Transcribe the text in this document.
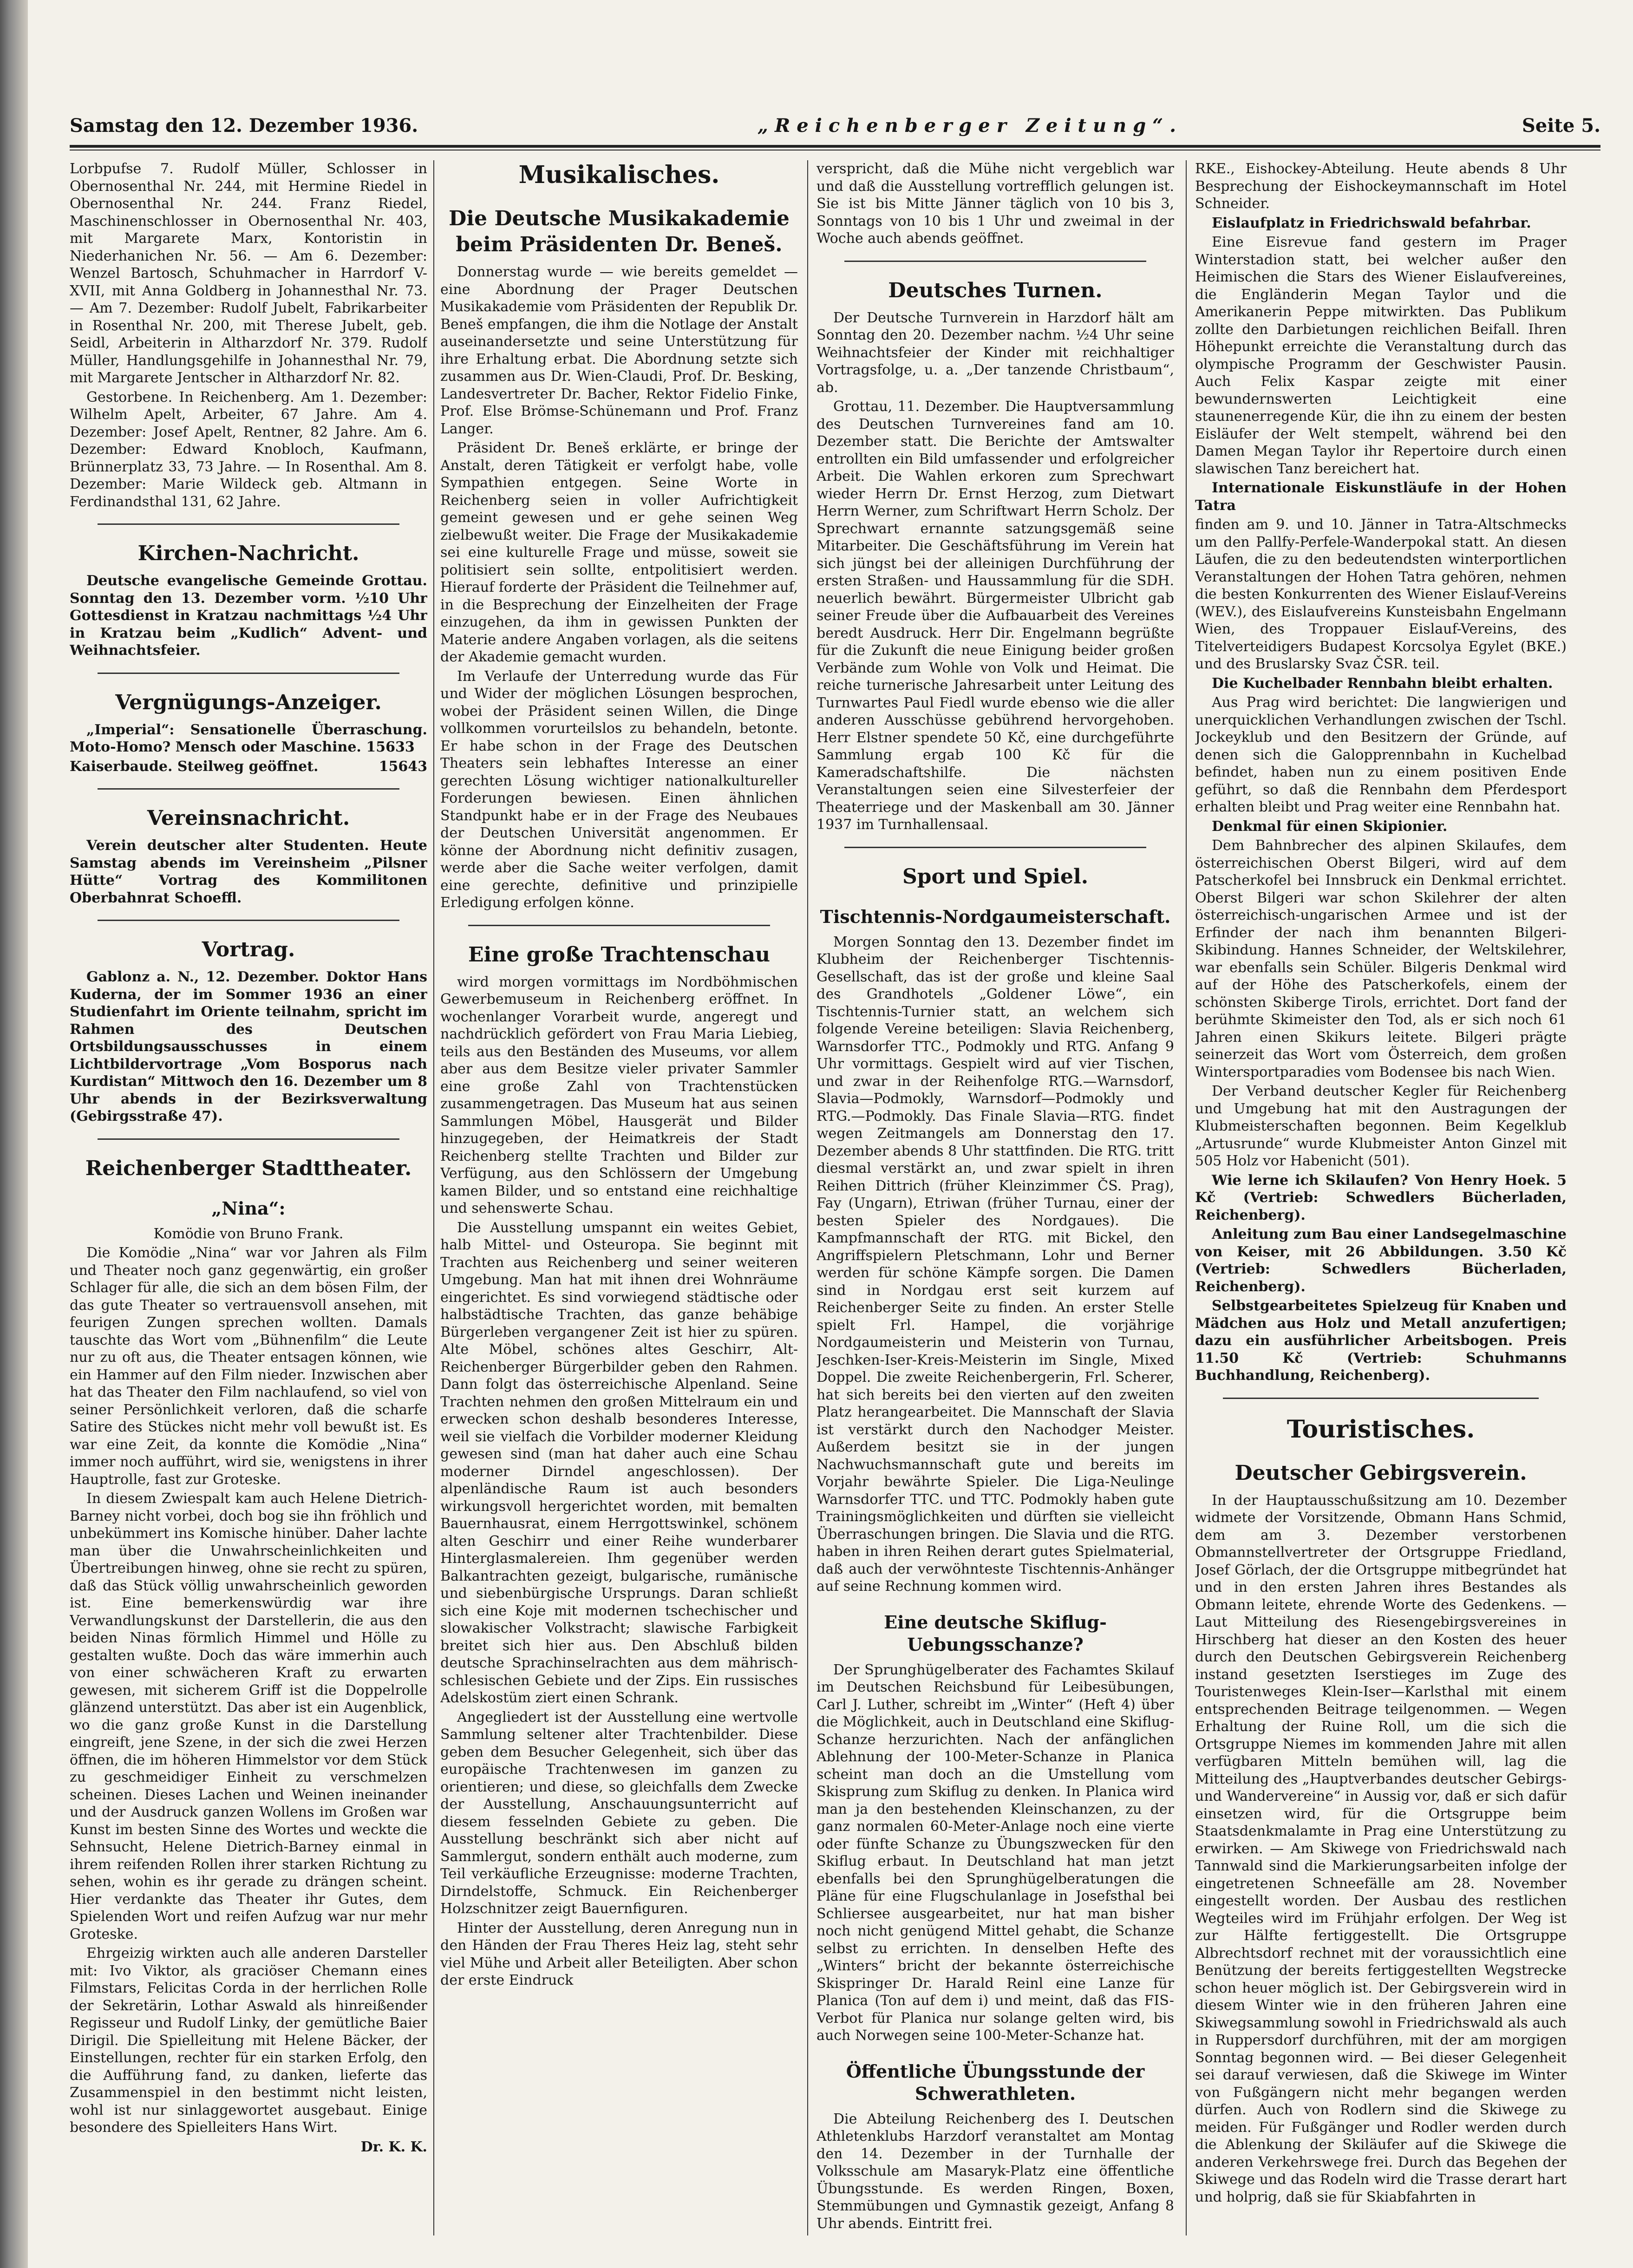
Samstag den 12. Dezember 1936.	„Reichenberger Zeitung“.	Seite 5.

Lorbpufse 7. Rudolf Müller, Schlosser in Obernosenthal Nr. 244, mit Hermine Riedel in Obernosenthal Nr. 244. Franz Riedel, Maschinenschlosser in Obernosenthal Nr. 403, mit Margarete Marx, Kontoristin in Niederhanichen Nr. 56. — Am 6. Dezember: Wenzel Bartosch, Schuhmacher in Harrdorf V-XVII, mit Anna Goldberg in Johannesthal Nr. 73. — Am 7. Dezember: Rudolf Jubelt, Fabrikarbeiter in Rosenthal Nr. 200, mit Therese Jubelt, geb. Seidl, Arbeiterin in Altharzdorf Nr. 379. Rudolf Müller, Handlungsgehilfe in Johannesthal Nr. 79, mit Margarete Jentscher in Altharzdorf Nr. 82.

Gestorbene. In Reichenberg. Am 1. Dezember: Wilhelm Apelt, Arbeiter, 67 Jahre. Am 4. Dezember: Josef Apelt, Rentner, 82 Jahre. Am 6. Dezember: Edward Knobloch, Kaufmann, Brünnerplatz 33, 73 Jahre. — In Rosenthal. Am 8. Dezember: Marie Wildeck geb. Altmann in Ferdinandsthal 131, 62 Jahre.

Kirchen-Nachricht.

Deutsche evangelische Gemeinde Grottau. Sonntag den 13. Dezember vorm. ½10 Uhr Gottesdienst in Kratzau nachmittags ½4 Uhr in Kratzau beim „Kudlich“ Advent- und Weihnachtsfeier.

Vergnügungs-Anzeiger.

„Imperial“: Sensationelle Überraschung. Moto-Homo? Mensch oder Maschine. 15633

Kaiserbaude. Steilweg geöffnet.	15643
Vereinsnachricht.

Verein deutscher alter Studenten. Heute Samstag abends im Vereinsheim „Pilsner Hütte“ Vortrag des Kommilitonen Oberbahnrat Schoeffl.

Vortrag.

Gablonz a. N., 12. Dezember. Doktor Hans Kuderna, der im Sommer 1936 an einer Studienfahrt im Oriente teilnahm, spricht im Rahmen des Deutschen Ortsbildungsausschusses in einem Lichtbildervortrage „Vom Bosporus nach Kurdistan“ Mittwoch den 16. Dezember um 8 Uhr abends in der Bezirksverwaltung (Gebirgsstraße 47).

Reichenberger Stadttheater.
„Nina“:

Komödie von Bruno Frank.

Die Komödie „Nina“ war vor Jahren als Film und Theater noch ganz gegenwärtig, ein großer Schlager für alle, die sich an dem bösen Film, der das gute Theater so vertrauensvoll ansehen, mit feurigen Zungen sprechen wollten. Damals tauschte das Wort vom „Bühnenfilm“ die Leute nur zu oft aus, die Theater entsagen können, wie ein Hammer auf den Film nieder. Inzwischen aber hat das Theater den Film nachlaufend, so viel von seiner Persönlichkeit verloren, daß die scharfe Satire des Stückes nicht mehr voll bewußt ist. Es war eine Zeit, da konnte die Komödie „Nina“ immer noch aufführt, wird sie, wenigstens in ihrer Hauptrolle, fast zur Groteske.

In diesem Zwiespalt kam auch Helene Dietrich-Barney nicht vorbei, doch bog sie ihn fröhlich und unbekümmert ins Komische hinüber. Daher lachte man über die Unwahrscheinlichkeiten und Übertreibungen hinweg, ohne sie recht zu spüren, daß das Stück völlig unwahrscheinlich geworden ist. Eine bemerkenswürdig war ihre Verwandlungskunst der Darstellerin, die aus den beiden Ninas förmlich Himmel und Hölle zu gestalten wußte. Doch das wäre immerhin auch von einer schwächeren Kraft zu erwarten gewesen, mit sicherem Griff ist die Doppelrolle glänzend unterstützt. Das aber ist ein Augenblick, wo die ganz große Kunst in die Darstellung eingreift, jene Szene, in der sich die zwei Herzen öffnen, die im höheren Himmelstor vor dem Stück zu geschmeidiger Einheit zu verschmelzen scheinen. Dieses Lachen und Weinen ineinander und der Ausdruck ganzen Wollens im Großen war Kunst im besten Sinne des Wortes und weckte die Sehnsucht, Helene Dietrich-Barney einmal in ihrem reifenden Rollen ihrer starken Richtung zu sehen, wohin es ihr gerade zu drängen scheint. Hier verdankte das Theater ihr Gutes, dem Spielenden Wort und reifen Aufzug war nur mehr Groteske.

Ehrgeizig wirkten auch alle anderen Darsteller mit: Ivo Viktor, als graciöser Chemann eines Filmstars, Felicitas Corda in der herrlichen Rolle der Sekretärin, Lothar Aswald als hinreißender Regisseur und Rudolf Linky, der gemütliche Baier Dirigil. Die Spielleitung mit Helene Bäcker, der Einstellungen, rechter für ein starken Erfolg, den die Aufführung fand, zu danken, lieferte das Zusammenspiel in den bestimmt nicht leisten, wohl ist nur sinlaggewortet ausgebaut. Einige besondere des Spielleiters Hans Wirt.

Dr. K. K.

Musikalisches.
Die Deutsche Musikakademie beim Präsidenten Dr. Beneš.

Donnerstag wurde — wie bereits gemeldet — eine Abordnung der Prager Deutschen Musikakademie vom Präsidenten der Republik Dr. Beneš empfangen, die ihm die Notlage der Anstalt auseinandersetzte und seine Unterstützung für ihre Erhaltung erbat. Die Abordnung setzte sich zusammen aus Dr. Wien-Claudi, Prof. Dr. Besking, Landesvertreter Dr. Bacher, Rektor Fidelio Finke, Prof. Else Brömse-Schünemann und Prof. Franz Langer.

Präsident Dr. Beneš erklärte, er bringe der Anstalt, deren Tätigkeit er verfolgt habe, volle Sympathien entgegen. Seine Worte in Reichenberg seien in voller Aufrichtigkeit gemeint gewesen und er gehe seinen Weg zielbewußt weiter. Die Frage der Musikakademie sei eine kulturelle Frage und müsse, soweit sie politisiert sein sollte, entpolitisiert werden. Hierauf forderte der Präsident die Teilnehmer auf, in die Besprechung der Einzelheiten der Frage einzugehen, da ihm in gewissen Punkten der Materie andere Angaben vorlagen, als die seitens der Akademie gemacht wurden.

Im Verlaufe der Unterredung wurde das Für und Wider der möglichen Lösungen besprochen, wobei der Präsident seinen Willen, die Dinge vollkommen vorurteilslos zu behandeln, betonte. Er habe schon in der Frage des Deutschen Theaters sein lebhaftes Interesse an einer gerechten Lösung wichtiger nationalkultureller Forderungen bewiesen. Einen ähnlichen Standpunkt habe er in der Frage des Neubaues der Deutschen Universität angenommen. Er könne der Abordnung nicht definitiv zusagen, werde aber die Sache weiter verfolgen, damit eine gerechte, definitive und prinzipielle Erledigung erfolgen könne.

Eine große Trachtenschau

wird morgen vormittags im Nordböhmischen Gewerbemuseum in Reichenberg eröffnet. In wochenlanger Vorarbeit wurde, angeregt und nachdrücklich gefördert von Frau Maria Liebieg, teils aus den Beständen des Museums, vor allem aber aus dem Besitze vieler privater Sammler eine große Zahl von Trachtenstücken zusammengetragen. Das Museum hat aus seinen Sammlungen Möbel, Hausgerät und Bilder hinzugegeben, der Heimatkreis der Stadt Reichenberg stellte Trachten und Bilder zur Verfügung, aus den Schlössern der Umgebung kamen Bilder, und so entstand eine reichhaltige und sehenswerte Schau.

Die Ausstellung umspannt ein weites Gebiet, halb Mittel- und Osteuropa. Sie beginnt mit Trachten aus Reichenberg und seiner weiteren Umgebung. Man hat mit ihnen drei Wohnräume eingerichtet. Es sind vorwiegend städtische oder halbstädtische Trachten, das ganze behäbige Bürgerleben vergangener Zeit ist hier zu spüren. Alte Möbel, schönes altes Geschirr, Alt-Reichenberger Bürgerbilder geben den Rahmen. Dann folgt das österreichische Alpenland. Seine Trachten nehmen den großen Mittelraum ein und erwecken schon deshalb besonderes Interesse, weil sie vielfach die Vorbilder moderner Kleidung gewesen sind (man hat daher auch eine Schau moderner Dirndel angeschlossen). Der alpenländische Raum ist auch besonders wirkungsvoll hergerichtet worden, mit bemalten Bauernhausrat, einem Herrgottswinkel, schönem alten Geschirr und einer Reihe wunderbarer Hinterglasmalereien. Ihm gegenüber werden Balkantrachten gezeigt, bulgarische, rumänische und siebenbürgische Ursprungs. Daran schließt sich eine Koje mit modernen tschechischer und slowakischer Volkstracht; slawische Farbigkeit breitet sich hier aus. Den Abschluß bilden deutsche Sprachinselrachten aus dem mährisch-schlesischen Gebiete und der Zips. Ein russisches Adelskostüm ziert einen Schrank.

Angegliedert ist der Ausstellung eine wertvolle Sammlung seltener alter Trachtenbilder. Diese geben dem Besucher Gelegenheit, sich über das europäische Trachtenwesen im ganzen zu orientieren; und diese, so gleichfalls dem Zwecke der Ausstellung, Anschauungsunterricht auf diesem fesselnden Gebiete zu geben. Die Ausstellung beschränkt sich aber nicht auf Sammlergut, sondern enthält auch moderne, zum Teil verkäufliche Erzeugnisse: moderne Trachten, Dirndelstoffe, Schmuck. Ein Reichenberger Holzschnitzer zeigt Bauernfiguren.

Hinter der Ausstellung, deren Anregung nun in den Händen der Frau Theres Heiz lag, steht sehr viel Mühe und Arbeit aller Beteiligten. Aber schon der erste Eindruck

verspricht, daß die Mühe nicht vergeblich war und daß die Ausstellung vortrefflich gelungen ist. Sie ist bis Mitte Jänner täglich von 10 bis 3, Sonntags von 10 bis 1 Uhr und zweimal in der Woche auch abends geöffnet.

Deutsches Turnen.

Der Deutsche Turnverein in Harzdorf hält am Sonntag den 20. Dezember nachm. ½4 Uhr seine Weihnachtsfeier der Kinder mit reichhaltiger Vortragsfolge, u. a. „Der tanzende Christbaum“, ab.

Grottau, 11. Dezember. Die Hauptversammlung des Deutschen Turnvereines fand am 10. Dezember statt. Die Berichte der Amtswalter entrollten ein Bild umfassender und erfolgreicher Arbeit. Die Wahlen erkoren zum Sprechwart wieder Herrn Dr. Ernst Herzog, zum Dietwart Herrn Werner, zum Schriftwart Herrn Scholz. Der Sprechwart ernannte satzungsgemäß seine Mitarbeiter. Die Geschäftsführung im Verein hat sich jüngst bei der alleinigen Durchführung der ersten Straßen- und Haussammlung für die SDH. neuerlich bewährt. Bürgermeister Ulbricht gab seiner Freude über die Aufbauarbeit des Vereines beredt Ausdruck. Herr Dir. Engelmann begrüßte für die Zukunft die neue Einigung beider großen Verbände zum Wohle von Volk und Heimat. Die reiche turnerische Jahresarbeit unter Leitung des Turnwartes Paul Fiedl wurde ebenso wie die aller anderen Ausschüsse gebührend hervorgehoben. Herr Elstner spendete 50 Kč, eine durchgeführte Sammlung ergab 100 Kč für die Kameradschaftshilfe. Die nächsten Veranstaltungen seien eine Silvesterfeier der Theaterriege und der Maskenball am 30. Jänner 1937 im Turnhallensaal.

Sport und Spiel.
Tischtennis-Nordgaumeisterschaft.

Morgen Sonntag den 13. Dezember findet im Klubheim der Reichenberger Tischtennis-Gesellschaft, das ist der große und kleine Saal des Grandhotels „Goldener Löwe“, ein Tischtennis-Turnier statt, an welchem sich folgende Vereine beteiligen: Slavia Reichenberg, Warnsdorfer TTC., Podmokly und RTG. Anfang 9 Uhr vormittags. Gespielt wird auf vier Tischen, und zwar in der Reihenfolge RTG.—Warnsdorf, Slavia—Podmokly, Warnsdorf—Podmokly und RTG.—Podmokly. Das Finale Slavia—RTG. findet wegen Zeitmangels am Donnerstag den 17. Dezember abends 8 Uhr stattfinden. Die RTG. tritt diesmal verstärkt an, und zwar spielt in ihren Reihen Dittrich (früher Kleinzimmer ČS. Prag), Fay (Ungarn), Etriwan (früher Turnau, einer der besten Spieler des Nordgaues). Die Kampfmannschaft der RTG. mit Bickel, den Angriffspielern Pletschmann, Lohr und Berner werden für schöne Kämpfe sorgen. Die Damen sind in Nordgau erst seit kurzem auf Reichenberger Seite zu finden. An erster Stelle spielt Frl. Hampel, die vorjährige Nordgaumeisterin und Meisterin von Turnau, Jeschken-Iser-Kreis-Meisterin im Single, Mixed Doppel. Die zweite Reichenbergerin, Frl. Scherer, hat sich bereits bei den vierten auf den zweiten Platz herangearbeitet. Die Mannschaft der Slavia ist verstärkt durch den Nachodger Meister. Außerdem besitzt sie in der jungen Nachwuchsmannschaft gute und bereits im Vorjahr bewährte Spieler. Die Liga-Neulinge Warnsdorfer TTC. und TTC. Podmokly haben gute Trainingsmöglichkeiten und dürften sie vielleicht Überraschungen bringen. Die Slavia und die RTG. haben in ihren Reihen derart gutes Spielmaterial, daß auch der verwöhnteste Tischtennis-Anhänger auf seine Rechnung kommen wird.

Eine deutsche Skiflug-Uebungsschanze?

Der Sprunghügelberater des Fachamtes Skilauf im Deutschen Reichsbund für Leibesübungen, Carl J. Luther, schreibt im „Winter“ (Heft 4) über die Möglichkeit, auch in Deutschland eine Skiflug-Schanze herzurichten. Nach der anfänglichen Ablehnung der 100-Meter-Schanze in Planica scheint man doch an die Umstellung vom Skisprung zum Skiflug zu denken. In Planica wird man ja den bestehenden Kleinschanzen, zu der ganz normalen 60-Meter-Anlage noch eine vierte oder fünfte Schanze zu Übungszwecken für den Skiflug erbaut. In Deutschland hat man jetzt ebenfalls bei den Sprunghügelberatungen die Pläne für eine Flugschulanlage in Josefsthal bei Schliersee ausgearbeitet, nur hat man bisher noch nicht genügend Mittel gehabt, die Schanze selbst zu errichten. In denselben Hefte des „Winters“ bricht der bekannte österreichische Skispringer Dr. Harald Reinl eine Lanze für Planica (Ton auf dem i) und meint, daß das FIS-Verbot für Planica nur solange gelten wird, bis auch Norwegen seine 100-Meter-Schanze hat.

Öffentliche Übungsstunde der Schwerathleten.

Die Abteilung Reichenberg des I. Deutschen Athletenklubs Harzdorf veranstaltet am Montag den 14. Dezember in der Turnhalle der Volksschule am Masaryk-Platz eine öffentliche Übungsstunde. Es werden Ringen, Boxen, Stemmübungen und Gymnastik gezeigt, Anfang 8 Uhr abends. Eintritt frei.

RKE., Eishockey-Abteilung. Heute abends 8 Uhr Besprechung der Eishockeymannschaft im Hotel Schneider.

Eislaufplatz in Friedrichswald befahrbar.

Eine Eisrevue fand gestern im Prager Winterstadion statt, bei welcher außer den Heimischen die Stars des Wiener Eislaufvereines, die Engländerin Megan Taylor und die Amerikanerin Peppe mitwirkten. Das Publikum zollte den Darbietungen reichlichen Beifall. Ihren Höhepunkt erreichte die Veranstaltung durch das olympische Programm der Geschwister Pausin. Auch Felix Kaspar zeigte mit einer bewundernswerten Leichtigkeit eine staunenerregende Kür, die ihn zu einem der besten Eisläufer der Welt stempelt, während bei den Damen Megan Taylor ihr Repertoire durch einen slawischen Tanz bereichert hat.

Internationale Eiskunstläufe in der Hohen Tatra

finden am 9. und 10. Jänner in Tatra-Altschmecks um den Pallfy-Perfele-Wanderpokal statt. An diesen Läufen, die zu den bedeutendsten winterportlichen Veranstaltungen der Hohen Tatra gehören, nehmen die besten Konkurrenten des Wiener Eislauf-Vereins (WEV.), des Eislaufvereins Kunsteisbahn Engelmann Wien, des Troppauer Eislauf-Vereins, des Titelverteidigers Budapest Korcsolya Egylet (BKE.) und des Bruslarsky Svaz ČSR. teil.

Die Kuchelbader Rennbahn bleibt erhalten.

Aus Prag wird berichtet: Die langwierigen und unerquicklichen Verhandlungen zwischen der Tschl. Jockeyklub und den Besitzern der Gründe, auf denen sich die Galopprennbahn in Kuchelbad befindet, haben nun zu einem positiven Ende geführt, so daß die Rennbahn dem Pferdesport erhalten bleibt und Prag weiter eine Rennbahn hat.

Denkmal für einen Skipionier.

Dem Bahnbrecher des alpinen Skilaufes, dem österreichischen Oberst Bilgeri, wird auf dem Patscherkofel bei Innsbruck ein Denkmal errichtet. Oberst Bilgeri war schon Skilehrer der alten österreichisch-ungarischen Armee und ist der Erfinder der nach ihm benannten Bilgeri-Skibindung. Hannes Schneider, der Weltskilehrer, war ebenfalls sein Schüler. Bilgeris Denkmal wird auf der Höhe des Patscherkofels, einem der schönsten Skiberge Tirols, errichtet. Dort fand der berühmte Skimeister den Tod, als er sich noch 61 Jahren einen Skikurs leitete. Bilgeri prägte seinerzeit das Wort vom Österreich, dem großen Wintersportparadies vom Bodensee bis nach Wien.

Der Verband deutscher Kegler für Reichenberg und Umgebung hat mit den Austragungen der Klubmeisterschaften begonnen. Beim Kegelklub „Artusrunde“ wurde Klubmeister Anton Ginzel mit 505 Holz vor Habenicht (501).

Wie lerne ich Skilaufen? Von Henry Hoek. 5 Kč (Vertrieb: Schwedlers Bücherladen, Reichenberg).

Anleitung zum Bau einer Landsegelmaschine von Keiser, mit 26 Abbildungen. 3.50 Kč (Vertrieb: Schwedlers Bücherladen, Reichenberg).

Selbstgearbeitetes Spielzeug für Knaben und Mädchen aus Holz und Metall anzufertigen; dazu ein ausführlicher Arbeitsbogen. Preis 11.50 Kč (Vertrieb: Schuhmanns Buchhandlung, Reichenberg).

Touristisches.
Deutscher Gebirgsverein.

In der Hauptausschußsitzung am 10. Dezember widmete der Vorsitzende, Obmann Hans Schmid, dem am 3. Dezember verstorbenen Obmannstellvertreter der Ortsgruppe Friedland, Josef Görlach, der die Ortsgruppe mitbegründet hat und in den ersten Jahren ihres Bestandes als Obmann leitete, ehrende Worte des Gedenkens. — Laut Mitteilung des Riesengebirgsvereines in Hirschberg hat dieser an den Kosten des heuer durch den Deutschen Gebirgsverein Reichenberg instand gesetzten Iserstieges im Zuge des Touristenweges Klein-Iser—Karlsthal mit einem entsprechenden Beitrage teilgenommen. — Wegen Erhaltung der Ruine Roll, um die sich die Ortsgruppe Niemes im kommenden Jahre mit allen verfügbaren Mitteln bemühen will, lag die Mitteilung des „Hauptverbandes deutscher Gebirgs- und Wandervereine“ in Aussig vor, daß er sich dafür einsetzen wird, für die Ortsgruppe beim Staatsdenkmalamte in Prag eine Unterstützung zu erwirken. — Am Skiwege von Friedrichswald nach Tannwald sind die Markierungsarbeiten infolge der eingetretenen Schneefälle am 28. November eingestellt worden. Der Ausbau des restlichen Wegteiles wird im Frühjahr erfolgen. Der Weg ist zur Hälfte fertiggestellt. Die Ortsgruppe Albrechtsdorf rechnet mit der voraussichtlich eine Benützung der bereits fertiggestellten Wegstrecke schon heuer möglich ist. Der Gebirgsverein wird in diesem Winter wie in den früheren Jahren eine Skiwegsammlung sowohl in Friedrichswald als auch in Ruppersdorf durchführen, mit der am morgigen Sonntag begonnen wird. — Bei dieser Gelegenheit sei darauf verwiesen, daß die Skiwege im Winter von Fußgängern nicht mehr begangen werden dürfen. Auch von Rodlern sind die Skiwege zu meiden. Für Fußgänger und Rodler werden durch die Ablenkung der Skiläufer auf die Skiwege die anderen Verkehrswege frei. Durch das Begehen der Skiwege und das Rodeln wird die Trasse derart hart und holprig, daß sie für Skiabfahrten in
